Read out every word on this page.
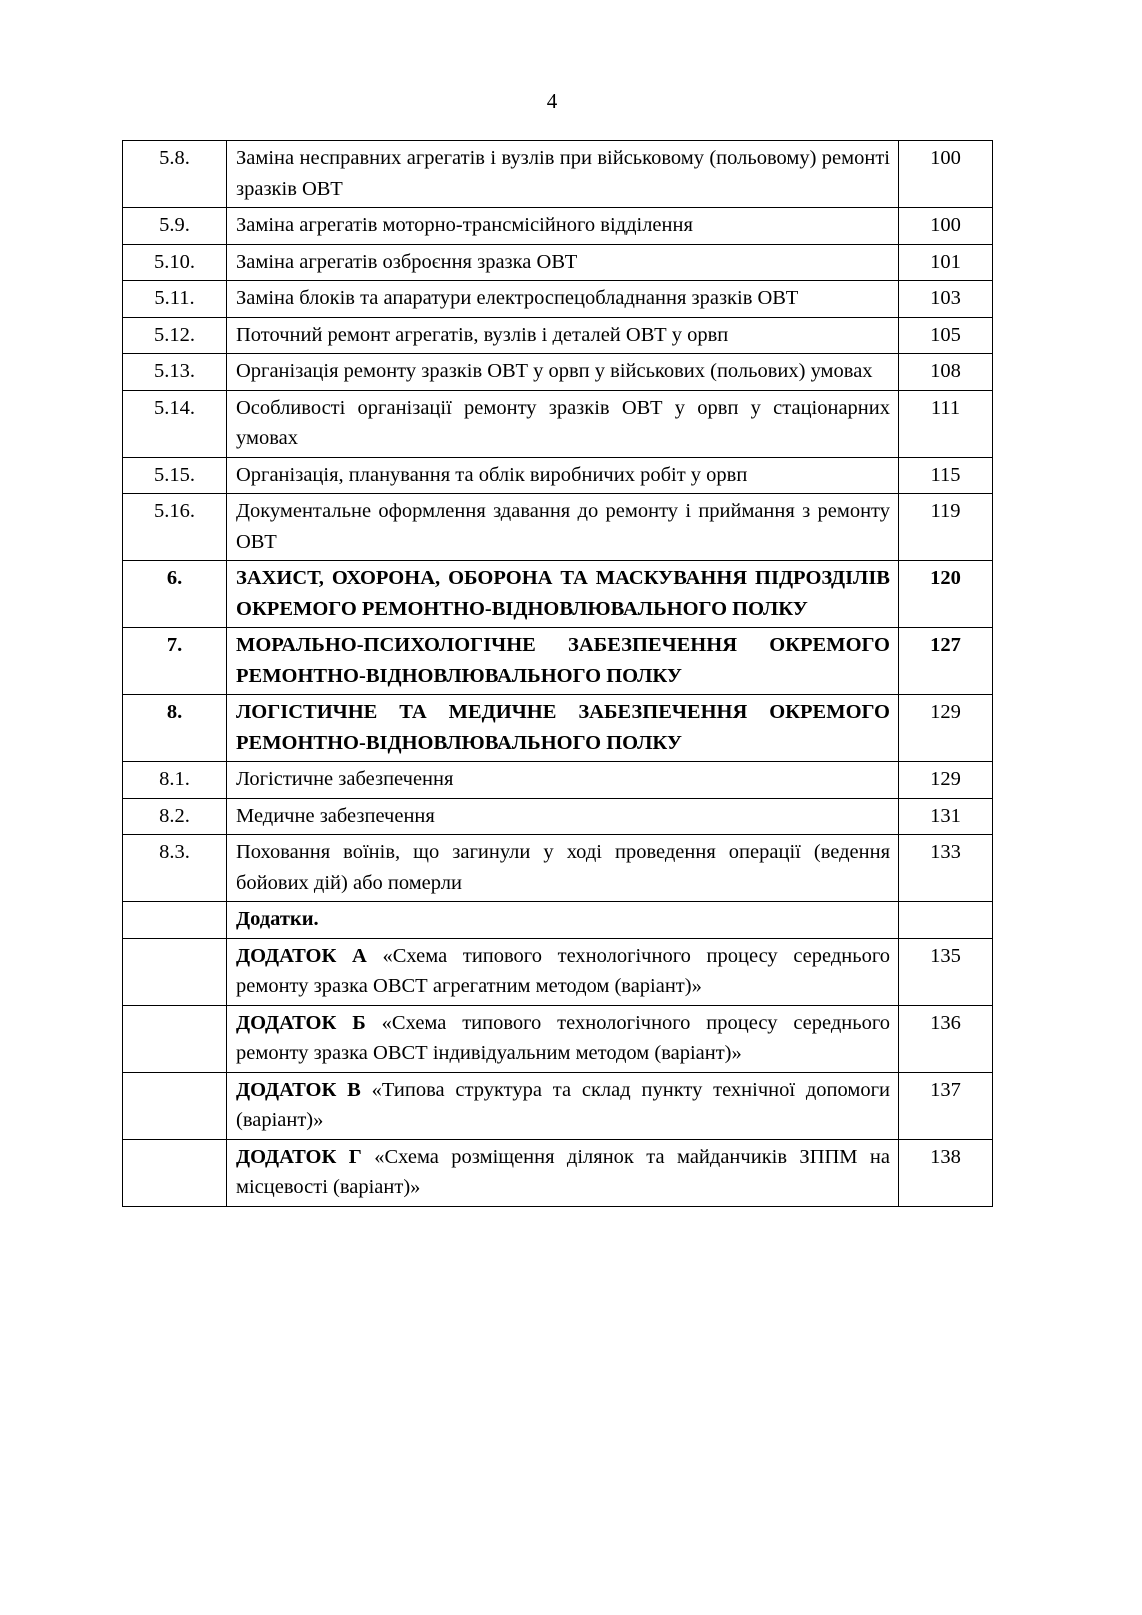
4
5.8.	Заміна несправних агрегатів і вузлів при військовому (польовому) ремонті зразків ОВТ	100
5.9.	Заміна агрегатів моторно-трансмісійного відділення	100
5.10.	Заміна агрегатів озброєння зразка ОВТ	101
5.11.	Заміна блоків та апаратури електроспецобладнання зразків ОВТ	103
5.12.	Поточний ремонт агрегатів, вузлів і деталей ОВТ у орвп	105
5.13.	Організація ремонту зразків ОВТ у орвп у військових (польових) умовах	108
5.14.	Особливості організації ремонту зразків ОВТ у орвп у стаціонарних умовах	111
5.15.	Організація, планування та облік виробничих робіт у орвп	115
5.16.	Документальне оформлення здавання до ремонту і приймання з ремонту ОВТ	119
6.	ЗАХИСТ, ОХОРОНА, ОБОРОНА ТА МАСКУВАННЯ ПІДРОЗДІЛІВ ОКРЕМОГО РЕМОНТНО-ВІДНОВЛЮВАЛЬНОГО ПОЛКУ	120
7.	МОРАЛЬНО-ПСИХОЛОГІЧНЕ ЗАБЕЗПЕЧЕННЯ ОКРЕМОГО РЕМОНТНО-ВІДНОВЛЮВАЛЬНОГО ПОЛКУ	127
8.	ЛОГІСТИЧНЕ ТА МЕДИЧНЕ ЗАБЕЗПЕЧЕННЯ ОКРЕМОГО РЕМОНТНО-ВІДНОВЛЮВАЛЬНОГО ПОЛКУ	129
8.1.	Логістичне забезпечення	129
8.2.	Медичне забезпечення	131
8.3.	Поховання воїнів, що загинули у ході проведення операції (ведення бойових дій) або померли	133
	Додатки.	
	ДОДАТОК А «Схема типового технологічного процесу середнього ремонту зразка ОВСТ агрегатним методом (варіант)»	135
	ДОДАТОК Б «Схема типового технологічного процесу середнього ремонту зразка ОВСТ індивідуальним методом (варіант)»	136
	ДОДАТОК В «Типова структура та склад пункту технічної допомоги (варіант)»	137
	ДОДАТОК Г «Схема розміщення ділянок та майданчиків ЗППМ на місцевості (варіант)»	138
